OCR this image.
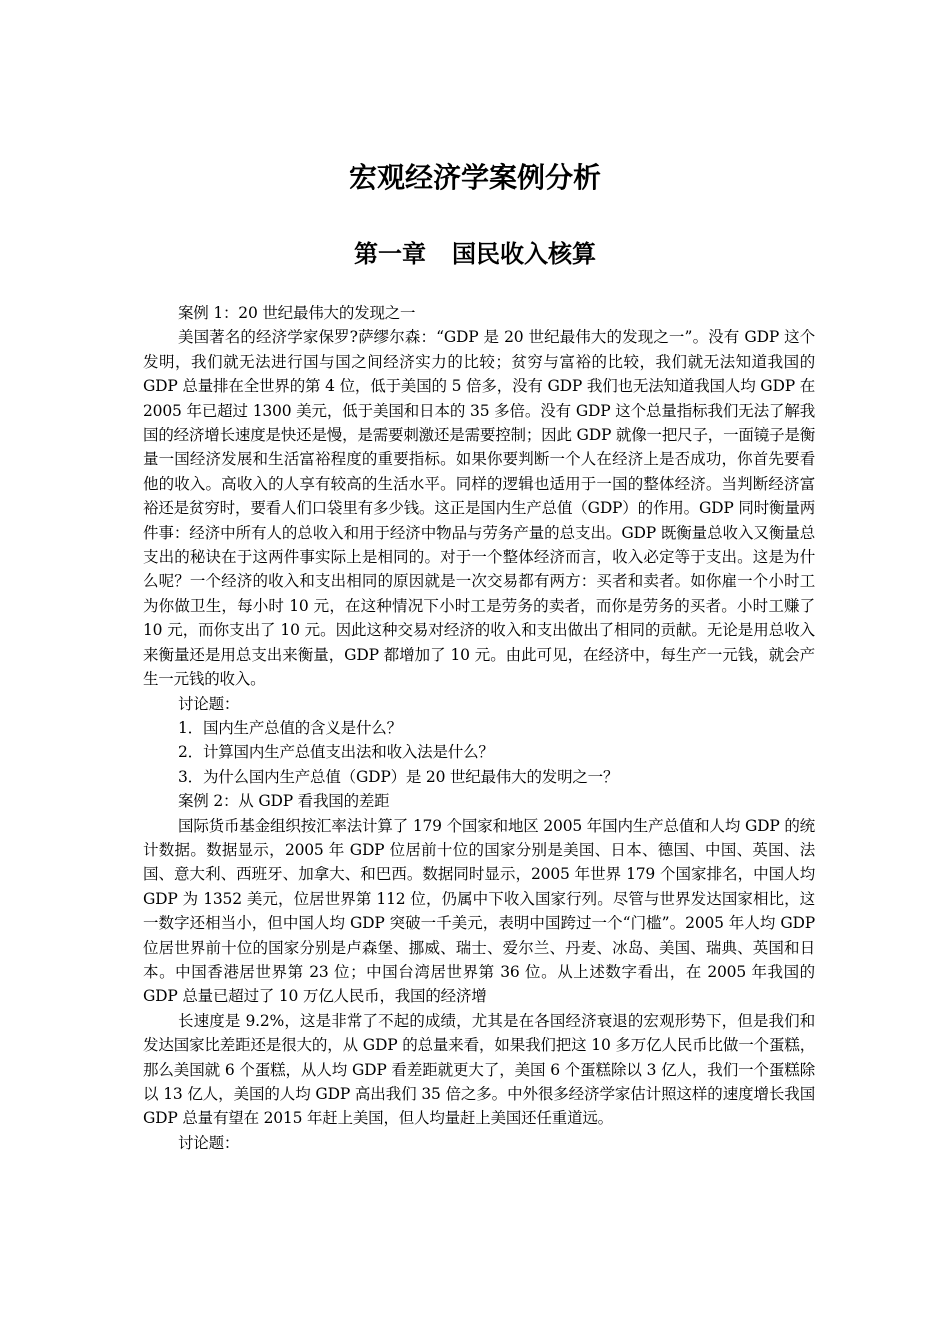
宏观经济学案例分析
第一章 国民收入核算

案例 1：20 世纪最伟大的发现之一

美国著名的经济学家保罗?萨缪尔森：“GDP 是 20 世纪最伟大的发现之一”。没有 GDP 这个发明，我们就无法进行国与国之间经济实力的比较；贫穷与富裕的比较，我们就无法知道我国的 GDP 总量排在全世界的第 4 位，低于美国的 5 倍多，没有 GDP 我们也无法知道我国人均 GDP 在 2005 年已超过 1300 美元，低于美国和日本的 35 多倍。没有 GDP 这个总量指标我们无法了解我国的经济增长速度是快还是慢，是需要刺激还是需要控制；因此 GDP 就像一把尺子，一面镜子是衡量一国经济发展和生活富裕程度的重要指标。如果你要判断一个人在经济上是否成功，你首先要看他的收入。高收入的人享有较高的生活水平。同样的逻辑也适用于一国的整体经济。当判断经济富裕还是贫穷时，要看人们口袋里有多少钱。这正是国内生产总值（GDP）的作用。GDP 同时衡量两件事：经济中所有人的总收入和用于经济中物品与劳务产量的总支出。GDP 既衡量总收入又衡量总支出的秘诀在于这两件事实际上是相同的。对于一个整体经济而言，收入必定等于支出。这是为什么呢？一个经济的收入和支出相同的原因就是一次交易都有两方：买者和卖者。如你雇一个小时工为你做卫生，每小时 10 元，在这种情况下小时工是劳务的卖者，而你是劳务的买者。小时工赚了 10 元，而你支出了 10 元。因此这种交易对经济的收入和支出做出了相同的贡献。无论是用总收入来衡量还是用总支出来衡量，GDP 都增加了 10 元。由此可见，在经济中，每生产一元钱，就会产生一元钱的收入。

讨论题：

1．国内生产总值的含义是什么？

2．计算国内生产总值支出法和收入法是什么？

3．为什么国内生产总值（GDP）是 20 世纪最伟大的发明之一？

案例 2：从 GDP 看我国的差距

国际货币基金组织按汇率法计算了 179 个国家和地区 2005 年国内生产总值和人均 GDP 的统计数据。数据显示，2005 年 GDP 位居前十位的国家分别是美国、日本、德国、中国、英国、法国、意大利、西班牙、加拿大、和巴西。数据同时显示，2005 年世界 179 个国家排名，中国人均 GDP 为 1352 美元，位居世界第 112 位，仍属中下收入国家行列。尽管与世界发达国家相比，这一数字还相当小，但中国人均 GDP 突破一千美元，表明中国跨过一个“门槛”。2005 年人均 GDP 位居世界前十位的国家分别是卢森堡、挪威、瑞士、爱尔兰、丹麦、冰岛、美国、瑞典、英国和日本。中国香港居世界第 23 位；中国台湾居世界第 36 位。从上述数字看出，在 2005 年我国的 GDP 总量已超过了 10 万亿人民币，我国的经济增

长速度是 9.2%，这是非常了不起的成绩，尤其是在各国经济衰退的宏观形势下，但是我们和发达国家比差距还是很大的，从 GDP 的总量来看，如果我们把这 10 多万亿人民币比做一个蛋糕，那么美国就 6 个蛋糕，从人均 GDP 看差距就更大了，美国 6 个蛋糕除以 3 亿人，我们一个蛋糕除以 13 亿人，美国的人均 GDP 高出我们 35 倍之多。中外很多经济学家估计照这样的速度增长我国 GDP 总量有望在 2015 年赶上美国，但人均量赶上美国还任重道远。

讨论题：
